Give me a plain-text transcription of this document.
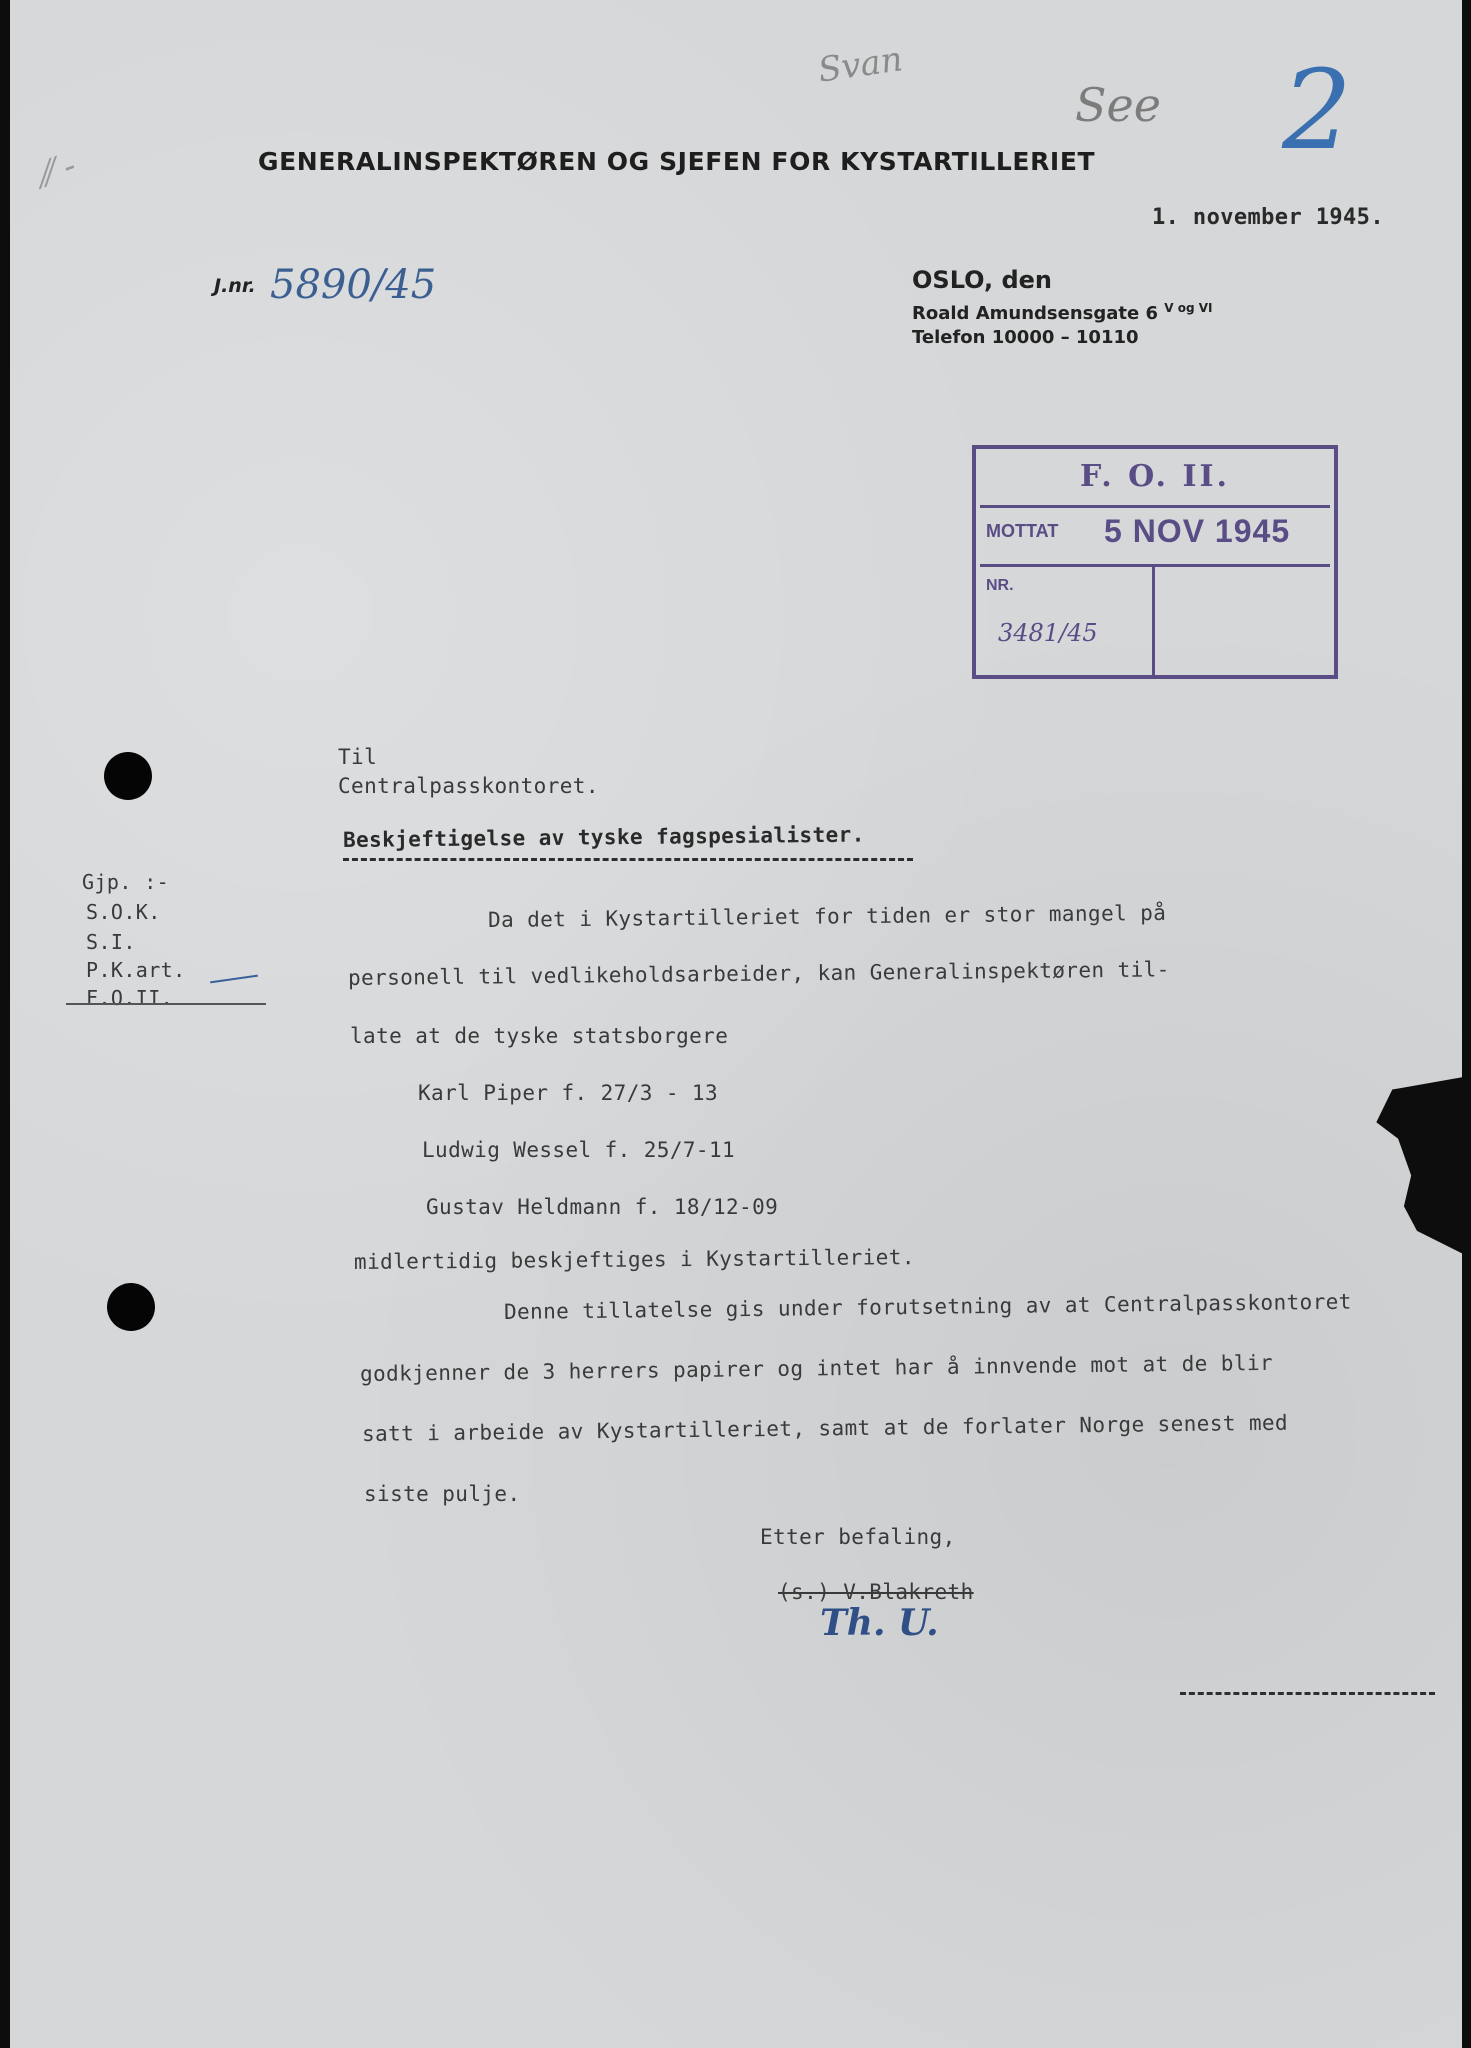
Svan
See 2
⁄⁄ -	GENERALINSPEKTØREN OG SJEFEN FOR KYSTARTILLERIET
1. november 1945.
J.nr. 5890/45	OSLO, den
Roald Amundsensgate 6 $^{V og VI}$
Telefon 10000 – 10110
F. O. II.
MOTTAT 5 NOV 1945
NR.
3481/45
Gjp. :-
S.O.K.
S.I.
P.K.art.
F.O.II.
Til
Centralpasskontoret.
Beskjeftigelse av tyske fagspesialister.
Da det i Kystartilleriet for tiden er stor mangel på
personell til vedlikeholdsarbeider, kan Generalinspektøren til-
late at de tyske statsborgere
Karl Piper f. 27/3 - 13
Ludwig Wessel f. 25/7-11
Gustav Heldmann f. 18/12-09
midlertidig beskjeftiges i Kystartilleriet.
Denne tillatelse gis under forutsetning av at Centralpasskontoret
godkjenner de 3 herrers papirer og intet har å innvende mot at de blir
satt i arbeide av Kystartilleriet, samt at de forlater Norge senest med
siste pulje.
Etter befaling,
(s.) V.Blakreth
Th. U.
